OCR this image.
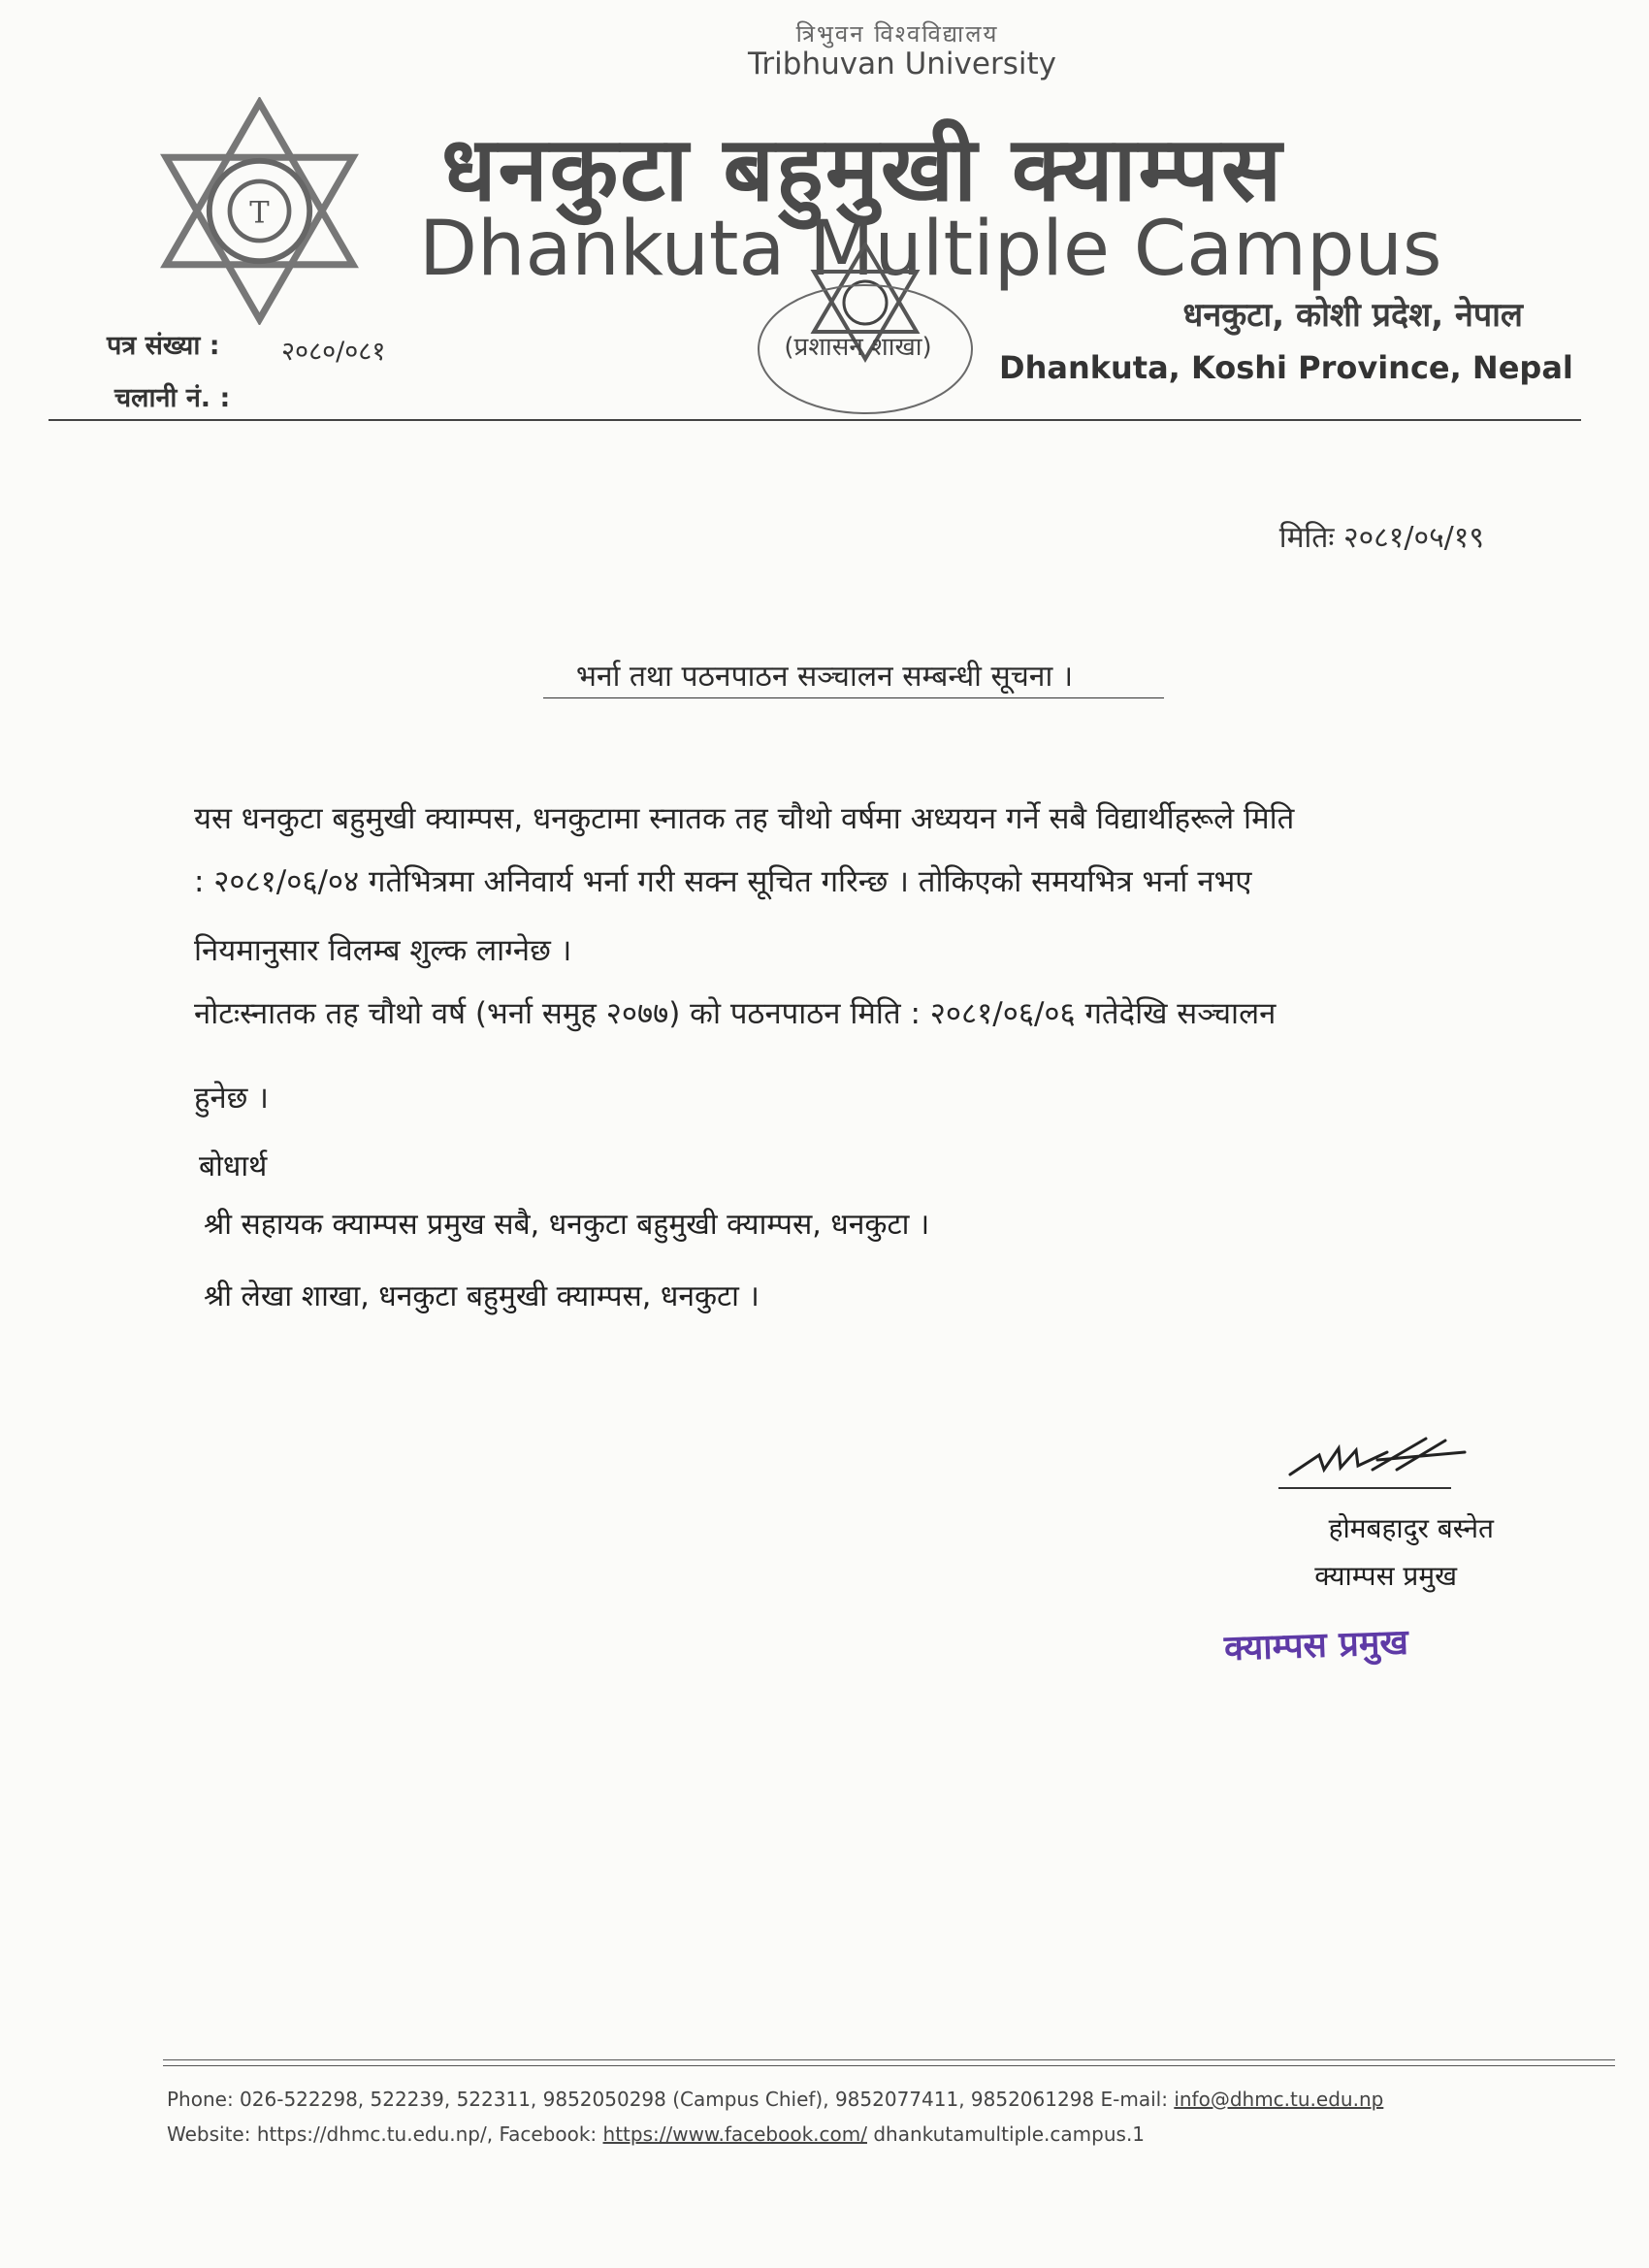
T
त्रिभुवन विश्वविद्यालय
Tribhuvan University
धनकुटा बहुमुखी क्याम्पस
Dhankuta Multiple Campus
धनकुटा, कोशी प्रदेश, नेपाल
Dhankuta, Koshi Province, Nepal
(प्रशासन शाखा)
पत्र संख्या : २०८०/०८१
चलानी नं. :
मितिः २०८१/०५/१९
भर्ना तथा पठनपाठन सञ्चालन सम्बन्धी सूचना ।
यस धनकुटा बहुमुखी क्याम्पस, धनकुटामा स्नातक तह चौथो वर्षमा अध्ययन गर्ने सबै विद्यार्थीहरूले मिति
: २०८१/०६/०४ गतेभित्रमा अनिवार्य भर्ना गरी सक्न सूचित गरिन्छ । तोकिएको समयभित्र भर्ना नभए
नियमानुसार विलम्ब शुल्क लाग्नेछ ।
नोटःस्नातक तह चौथो वर्ष (भर्ना समुह २०७७) को पठनपाठन मिति : २०८१/०६/०६ गतेदेखि सञ्चालन
हुनेछ ।
बोधार्थ
श्री सहायक क्याम्पस प्रमुख सबै, धनकुटा बहुमुखी क्याम्पस, धनकुटा ।
श्री लेखा शाखा, धनकुटा बहुमुखी क्याम्पस, धनकुटा ।
होमबहादुर बस्नेत
क्याम्पस प्रमुख
क्याम्पस प्रमुख
Phone: 026-522298, 522239, 522311, 9852050298 (Campus Chief), 9852077411, 9852061298 E-mail: info@dhmc.tu.edu.np
Website: https://dhmc.tu.edu.np/, Facebook: https://www.facebook.com/ dhankutamultiple.campus.1
